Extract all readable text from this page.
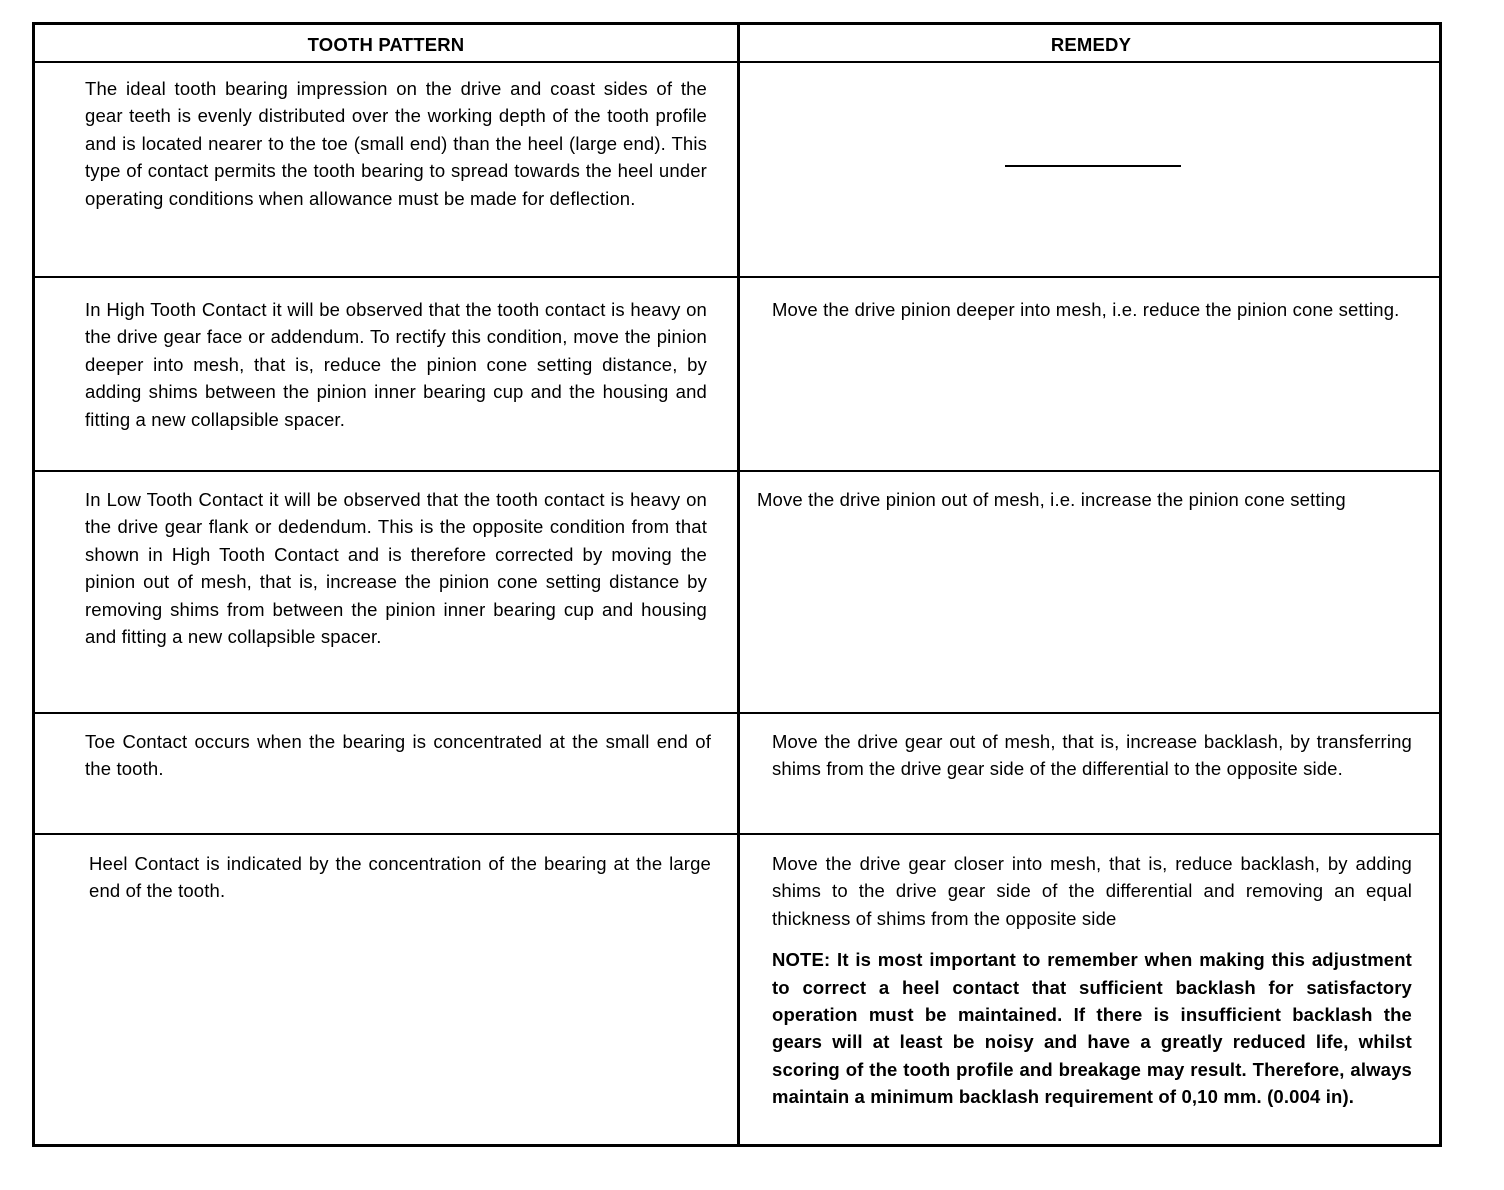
TOOTH PATTERN	REMEDY
The ideal tooth bearing impression on the drive and coast sides of the gear teeth is evenly distributed over the working depth of the tooth profile and is located nearer to the toe (small end) than the heel (large end). This type of contact permits the tooth bearing to spread towards the heel under operating conditions when allowance must be made for deflection.
In High Tooth Contact it will be observed that the tooth contact is heavy on the drive gear face or addendum. To rectify this condition, move the pinion deeper into mesh, that is, reduce the pinion cone setting distance, by adding shims between the pinion inner bearing cup and the housing and fitting a new collapsible spacer.
Move the drive pinion deeper into mesh, i.e. reduce the pinion cone setting.
In Low Tooth Contact it will be observed that the tooth contact is heavy on the drive gear flank or dedendum. This is the opposite condition from that shown in High Tooth Contact and is therefore corrected by moving the pinion out of mesh, that is, increase the pinion cone setting distance by removing shims from between the pinion inner bearing cup and housing and fitting a new collapsible spacer.
Move the drive pinion out of mesh, i.e. increase the pinion cone setting
Toe Contact occurs when the bearing is concentrated at the small end of the tooth.
Move the drive gear out of mesh, that is, increase backlash, by transferring shims from the drive gear side of the differential to the opposite side.
Heel Contact is indicated by the concentration of the bearing at the large end of the tooth.
Move the drive gear closer into mesh, that is, reduce backlash, by adding shims to the drive gear side of the differential and removing an equal thickness of shims from the opposite side
NOTE: It is most important to remember when making this adjustment to correct a heel contact that sufficient backlash for satisfactory operation must be maintained. If there is insufficient backlash the gears will at least be noisy and have a greatly reduced life, whilst scoring of the tooth profile and breakage may result. Therefore, always maintain a minimum backlash requirement of 0,10 mm. (0.004 in).
